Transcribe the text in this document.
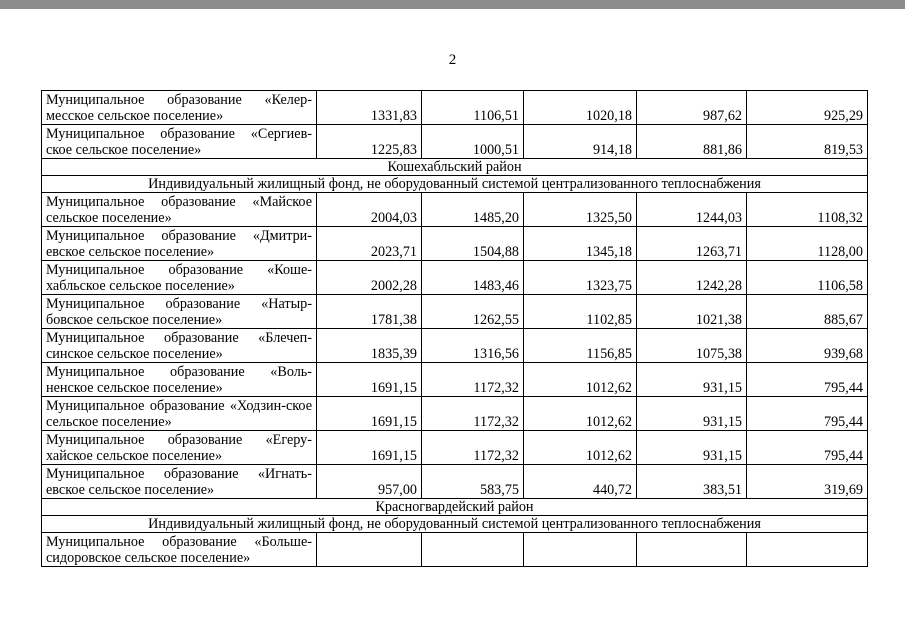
2
Муниципальное образование «Келер-месское сельское поселение»	1331,83	1106,51	1020,18	987,62	925,29
Муниципальное образование «Сергиев-ское сельское поселение»	1225,83	1000,51	914,18	881,86	819,53
Кошехабльский район					
Индивидуальный жилищный фонд, не оборудованный системой централизованного теплоснабжения					
Муниципальное образование «Майское сельское поселение»	2004,03	1485,20	1325,50	1244,03	1108,32
Муниципальное образование «Дмитри-евское сельское поселение»	2023,71	1504,88	1345,18	1263,71	1128,00
Муниципальное образование «Коше-хабльское сельское поселение»	2002,28	1483,46	1323,75	1242,28	1106,58
Муниципальное образование «Натыр-бовское сельское поселение»	1781,38	1262,55	1102,85	1021,38	885,67
Муниципальное образование «Блечеп-синское сельское поселение»	1835,39	1316,56	1156,85	1075,38	939,68
Муниципальное образование «Воль-ненское сельское поселение»	1691,15	1172,32	1012,62	931,15	795,44
Муниципальное образование «Ходзин-ское сельское поселение»	1691,15	1172,32	1012,62	931,15	795,44
Муниципальное образование «Егеру-хайское сельское поселение»	1691,15	1172,32	1012,62	931,15	795,44
Муниципальное образование «Игнать-евское сельское поселение»	957,00	583,75	440,72	383,51	319,69
Красногвардейский район					
Индивидуальный жилищный фонд, не оборудованный системой централизованного теплоснабжения					
Муниципальное образование «Больше-сидоровское сельское поселение»					
